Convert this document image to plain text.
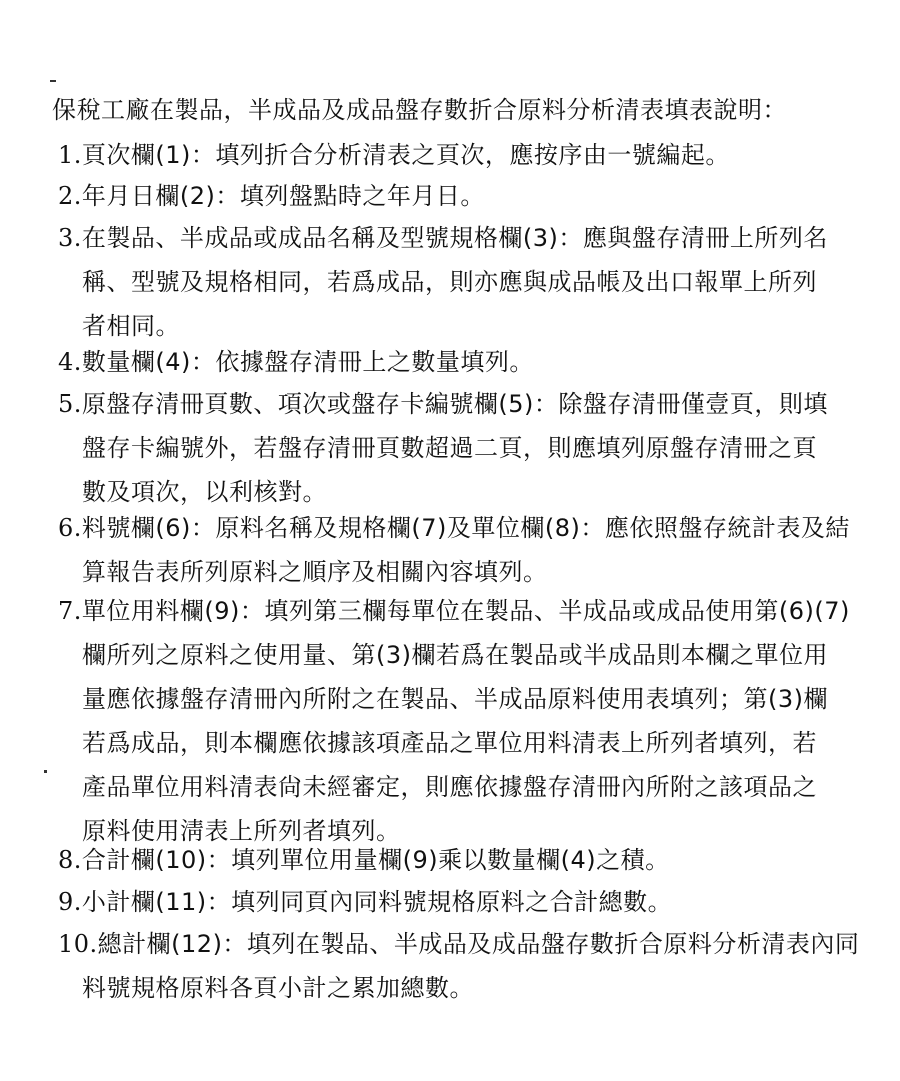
保稅工廠在製品，半成品及成品盤存數折合原料分析清表填表說明：
1.頁次欄(1)：填列折合分析清表之頁次，應按序由一號編起。
2.年月日欄(2)：填列盤點時之年月日。
3.在製品、半成品或成品名稱及型號規格欄(3)：應與盤存清冊上所列名
稱、型號及規格相同，若爲成品，則亦應與成品帳及出口報單上所列
者相同。
4.數量欄(4)：依據盤存清冊上之數量填列。
5.原盤存清冊頁數、項次或盤存卡編號欄(5)：除盤存清冊僅壹頁，則填
盤存卡編號外，若盤存清冊頁數超過二頁，則應填列原盤存清冊之頁
數及項次，以利核對。
6.料號欄(6)：原料名稱及規格欄(7)及單位欄(8)：應依照盤存統計表及結
算報告表所列原料之順序及相關內容填列。
7.單位用料欄(9)：填列第三欄每單位在製品、半成品或成品使用第(6)(7)
欄所列之原料之使用量、第(3)欄若爲在製品或半成品則本欄之單位用
量應依據盤存清冊內所附之在製品、半成品原料使用表填列；第(3)欄
若爲成品，則本欄應依據該項產品之單位用料清表上所列者填列，若
產品單位用料清表尙未經審定，則應依據盤存清冊內所附之該項品之
原料使用淸表上所列者填列。
8.合計欄(10)：填列單位用量欄(9)乘以數量欄(4)之積。
9.小計欄(11)：填列同頁內同料號規格原料之合計總數。
10.總計欄(12)：填列在製品、半成品及成品盤存數折合原料分析清表內同
料號規格原料各頁小計之累加總數。
